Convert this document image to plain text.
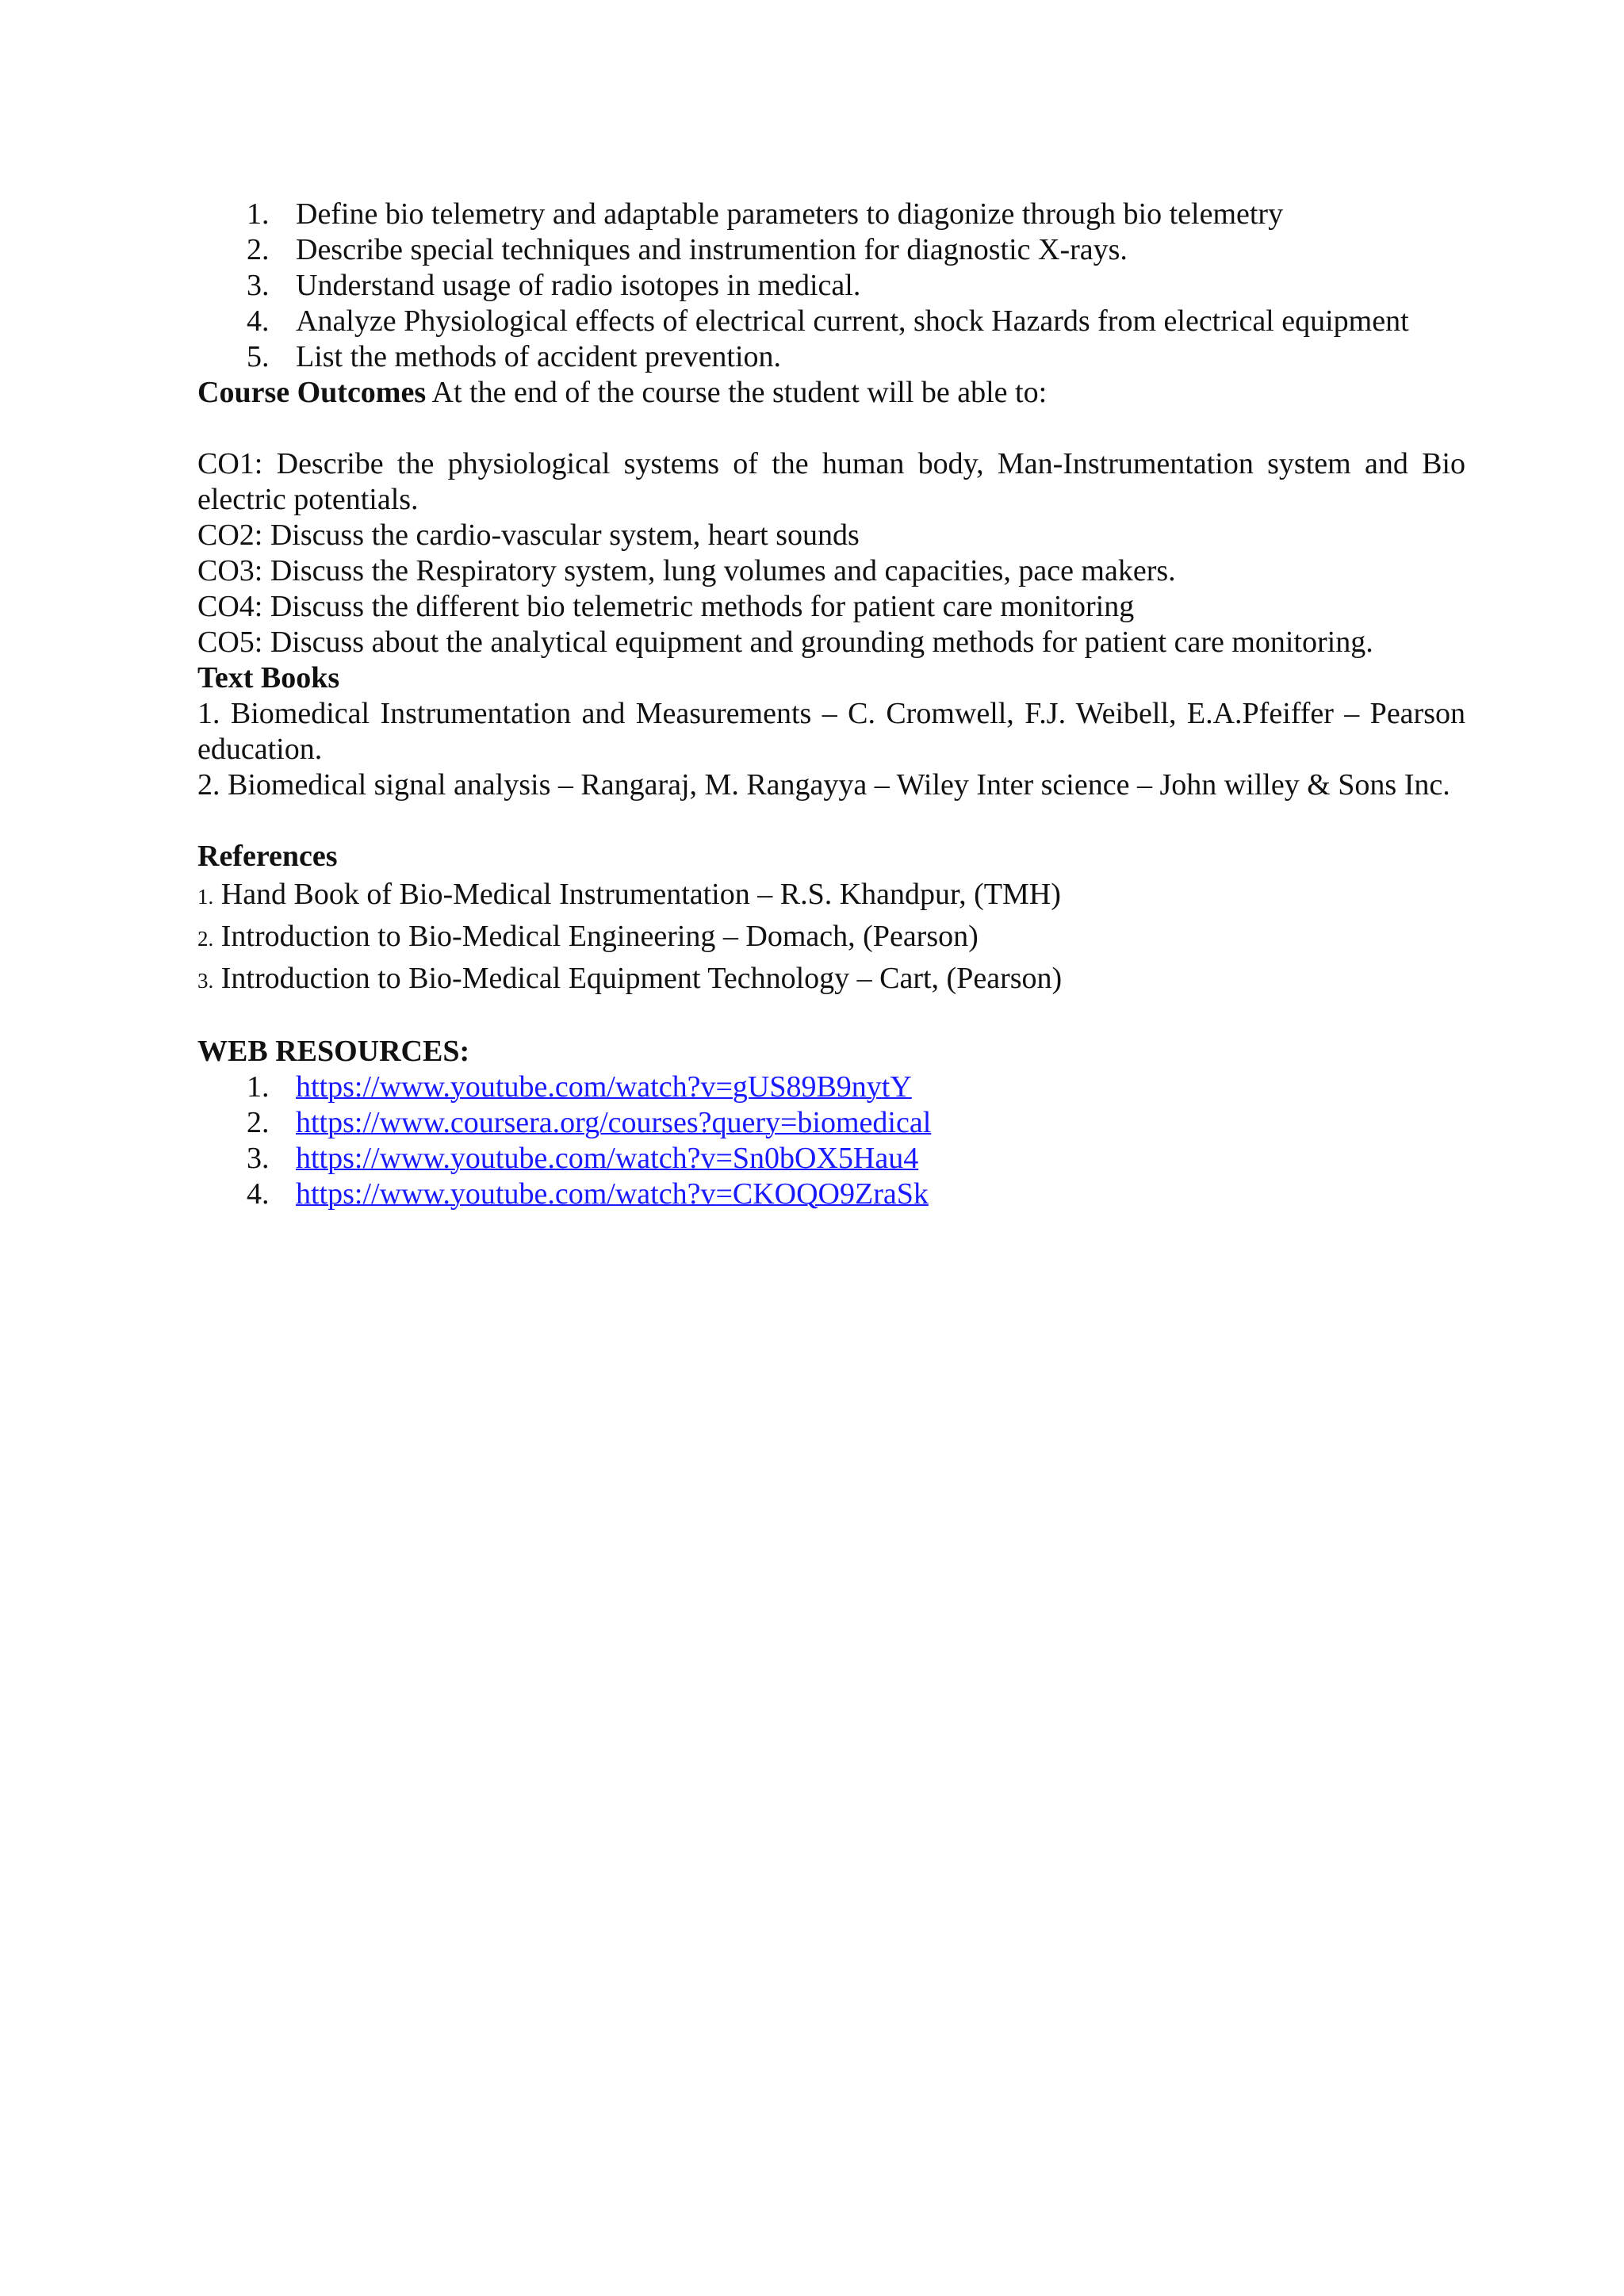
1. Define bio telemetry and adaptable parameters to diagonize through bio telemetry
2. Describe special techniques and instrumention for diagnostic X-rays.
3. Understand usage of radio isotopes in medical.
4. Analyze Physiological effects of electrical current, shock Hazards from electrical equipment
5. List the methods of accident prevention.
Course Outcomes At the end of the course the student will be able to:
CO1: Describe the physiological systems of the human body, Man-Instrumentation system and Bio electric potentials.
CO2: Discuss the cardio-vascular system, heart sounds
CO3: Discuss the Respiratory system, lung volumes and capacities, pace makers.
CO4: Discuss the different bio telemetric methods for patient care monitoring
CO5: Discuss about the analytical equipment and grounding methods for patient care monitoring.
Text Books
1. Biomedical Instrumentation and Measurements – C. Cromwell, F.J. Weibell, E.A.Pfeiffer – Pearson education.
2. Biomedical signal analysis – Rangaraj, M. Rangayya – Wiley Inter science – John willey & Sons Inc.
References
1. Hand Book of Bio-Medical Instrumentation – R.S. Khandpur, (TMH)
2. Introduction to Bio-Medical Engineering – Domach, (Pearson)
3. Introduction to Bio-Medical Equipment Technology – Cart, (Pearson)
WEB RESOURCES:
1. https://www.youtube.com/watch?v=gUS89B9nytY
2. https://www.coursera.org/courses?query=biomedical
3. https://www.youtube.com/watch?v=Sn0bOX5Hau4
4. https://www.youtube.com/watch?v=CKOQO9ZraSk
